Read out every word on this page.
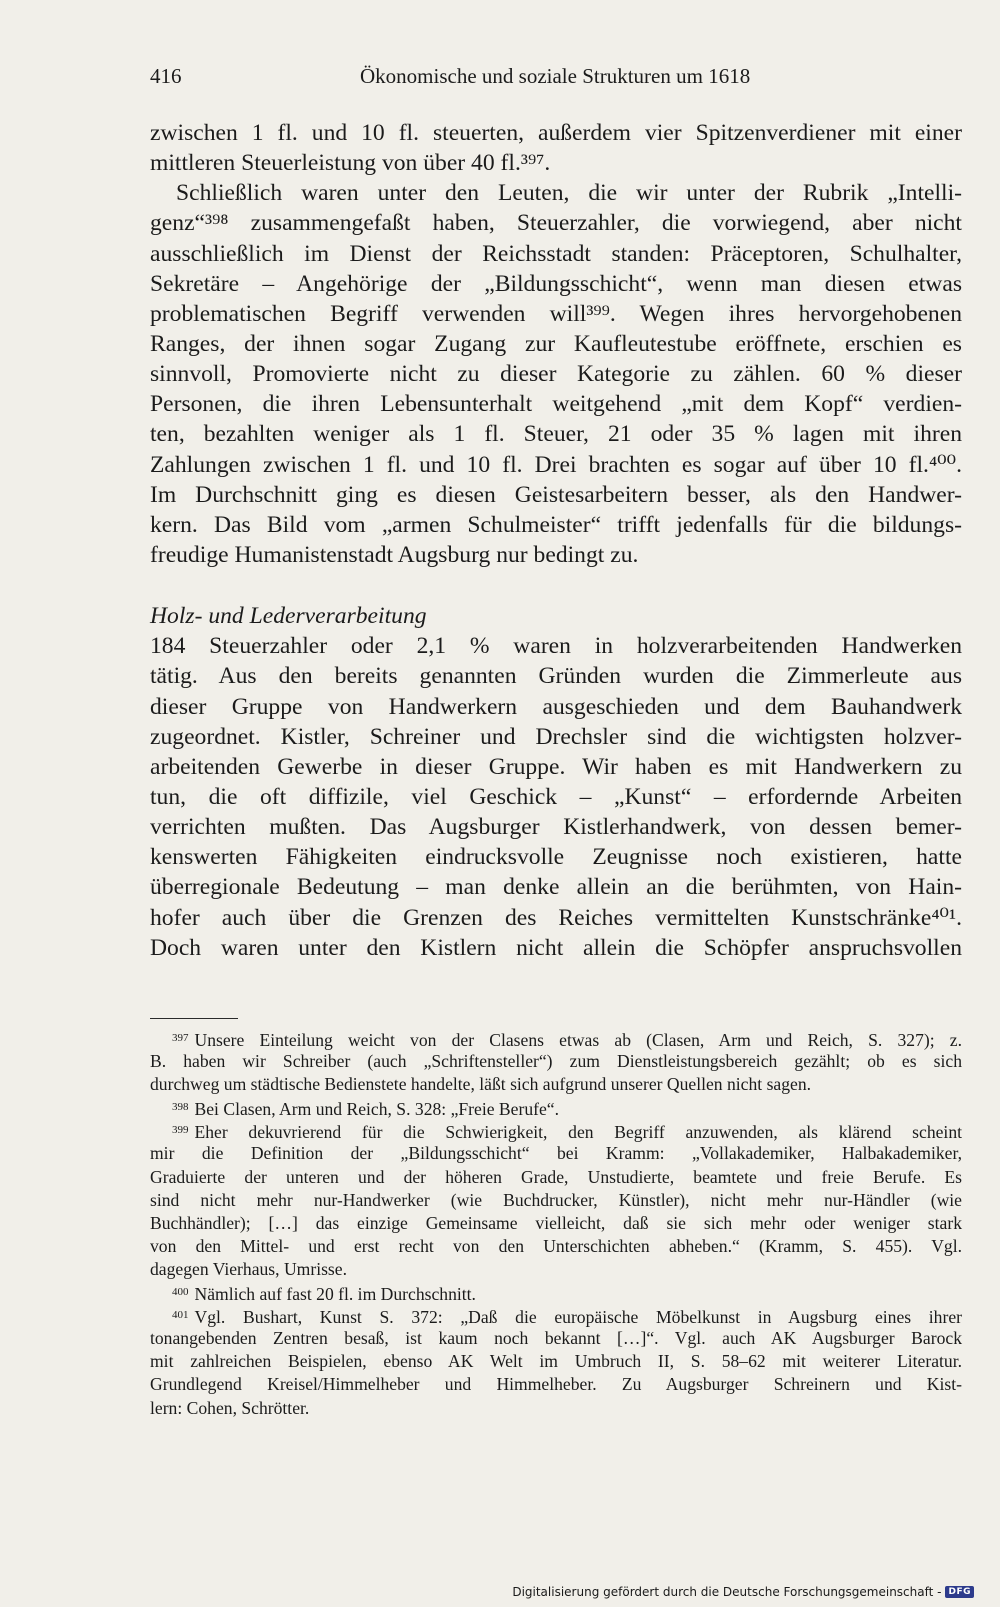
416	Ökonomische und soziale Strukturen um 1618
zwischen 1 fl. und 10 fl. steuerten, außerdem vier Spitzenverdiener mit einer
mittleren Steuerleistung von über 40 fl.³⁹⁷.
Schließlich waren unter den Leuten, die wir unter der Rubrik „Intelli-
genz“³⁹⁸ zusammengefaßt haben, Steuerzahler, die vorwiegend, aber nicht
ausschließlich im Dienst der Reichsstadt standen: Präceptoren, Schulhalter,
Sekretäre – Angehörige der „Bildungsschicht“, wenn man diesen etwas
problematischen Begriff verwenden will³⁹⁹. Wegen ihres hervorgehobenen
Ranges, der ihnen sogar Zugang zur Kaufleutestube eröffnete, erschien es
sinnvoll, Promovierte nicht zu dieser Kategorie zu zählen. 60 % dieser
Personen, die ihren Lebensunterhalt weitgehend „mit dem Kopf“ verdien-
ten, bezahlten weniger als 1 fl. Steuer, 21 oder 35 % lagen mit ihren
Zahlungen zwischen 1 fl. und 10 fl. Drei brachten es sogar auf über 10 fl.⁴⁰⁰.
Im Durchschnitt ging es diesen Geistesarbeitern besser, als den Handwer-
kern. Das Bild vom „armen Schulmeister“ trifft jedenfalls für die bildungs-
freudige Humanistenstadt Augsburg nur bedingt zu.
Holz- und Lederverarbeitung
184 Steuerzahler oder 2,1 % waren in holzverarbeitenden Handwerken
tätig. Aus den bereits genannten Gründen wurden die Zimmerleute aus
dieser Gruppe von Handwerkern ausgeschieden und dem Bauhandwerk
zugeordnet. Kistler, Schreiner und Drechsler sind die wichtigsten holzver-
arbeitenden Gewerbe in dieser Gruppe. Wir haben es mit Handwerkern zu
tun, die oft diffizile, viel Geschick – „Kunst“ – erfordernde Arbeiten
verrichten mußten. Das Augsburger Kistlerhandwerk, von dessen bemer-
kenswerten Fähigkeiten eindrucksvolle Zeugnisse noch existieren, hatte
überregionale Bedeutung – man denke allein an die berühmten, von Hain-
hofer auch über die Grenzen des Reiches vermittelten Kunstschränke⁴⁰¹.
Doch waren unter den Kistlern nicht allein die Schöpfer anspruchsvollen
$^{397}$ Unsere Einteilung weicht von der Clasens etwas ab (Clasen, Arm und Reich, S. 327); z.
B. haben wir Schreiber (auch „Schriftensteller“) zum Dienstleistungsbereich gezählt; ob es sich
durchweg um städtische Bedienstete handelte, läßt sich aufgrund unserer Quellen nicht sagen.
$^{398}$ Bei Clasen, Arm und Reich, S. 328: „Freie Berufe“.
$^{399}$ Eher dekuvrierend für die Schwierigkeit, den Begriff anzuwenden, als klärend scheint
mir die Definition der „Bildungsschicht“ bei Kramm: „Vollakademiker, Halbakademiker,
Graduierte der unteren und der höheren Grade, Unstudierte, beamtete und freie Berufe. Es
sind nicht mehr nur-Handwerker (wie Buchdrucker, Künstler), nicht mehr nur-Händler (wie
Buchhändler); […] das einzige Gemeinsame vielleicht, daß sie sich mehr oder weniger stark
von den Mittel- und erst recht von den Unterschichten abheben.“ (Kramm, S. 455). Vgl.
dagegen Vierhaus, Umrisse.
$^{400}$ Nämlich auf fast 20 fl. im Durchschnitt.
$^{401}$ Vgl. Bushart, Kunst S. 372: „Daß die europäische Möbelkunst in Augsburg eines ihrer
tonangebenden Zentren besaß, ist kaum noch bekannt […]“. Vgl. auch AK Augsburger Barock
mit zahlreichen Beispielen, ebenso AK Welt im Umbruch II, S. 58–62 mit weiterer Literatur.
Grundlegend Kreisel/Himmelheber und Himmelheber. Zu Augsburger Schreinern und Kist-
lern: Cohen, Schrötter.
Digitalisierung gefördert durch die Deutsche Forschungsgemeinschaft - DFG
